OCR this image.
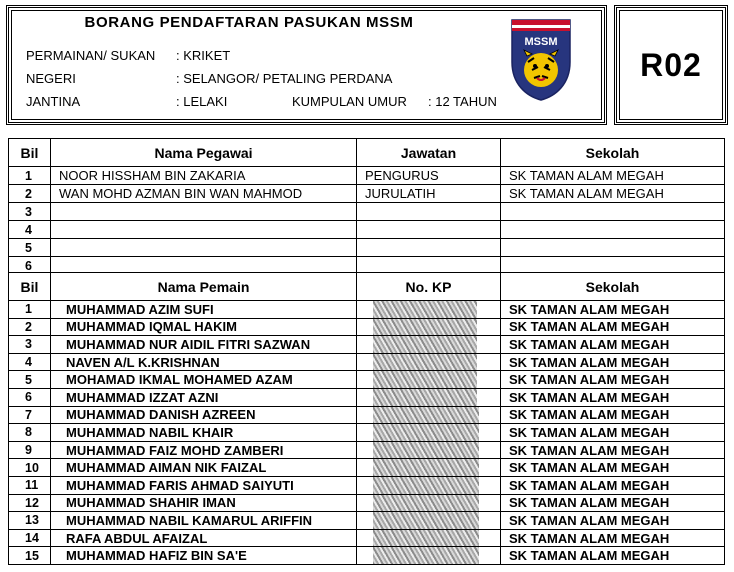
BORANG PENDAFTARAN PASUKAN MSSM
PERMAINAN/ SUKAN : KRIKET
NEGERI	: SELANGOR/ PETALING PERDANA
JANTINA	: LELAKI	KUMPULAN UMUR : 12 TAHUN
MSSM
R02
Bil	Nama Pegawai	Jawatan	Sekolah
1	NOOR HISSHAM BIN ZAKARIA	PENGURUS	SK TAMAN ALAM MEGAH
2	WAN MOHD AZMAN BIN WAN MAHMOD	JURULATIH	SK TAMAN ALAM MEGAH
3			
4			
5			
6			
Bil	Nama Pemain	No. KP	Sekolah
1	MUHAMMAD AZIM SUFI		SK TAMAN ALAM MEGAH
2	MUHAMMAD IQMAL HAKIM		SK TAMAN ALAM MEGAH
3	MUHAMMAD NUR AIDIL FITRI SAZWAN		SK TAMAN ALAM MEGAH
4	NAVEN A/L K.KRISHNAN		SK TAMAN ALAM MEGAH
5	MOHAMAD IKMAL MOHAMED AZAM		SK TAMAN ALAM MEGAH
6	MUHAMMAD IZZAT AZNI		SK TAMAN ALAM MEGAH
7	MUHAMMAD DANISH AZREEN		SK TAMAN ALAM MEGAH
8	MUHAMMAD NABIL KHAIR		SK TAMAN ALAM MEGAH
9	MUHAMMAD FAIZ MOHD ZAMBERI		SK TAMAN ALAM MEGAH
10	MUHAMMAD AIMAN NIK FAIZAL		SK TAMAN ALAM MEGAH
11	MUHAMMAD FARIS AHMAD SAIYUTI		SK TAMAN ALAM MEGAH
12	MUHAMMAD SHAHIR IMAN		SK TAMAN ALAM MEGAH
13	MUHAMMAD NABIL KAMARUL ARIFFIN		SK TAMAN ALAM MEGAH
14	RAFA ABDUL AFAIZAL		SK TAMAN ALAM MEGAH
15	MUHAMMAD HAFIZ BIN SA'E		SK TAMAN ALAM MEGAH
